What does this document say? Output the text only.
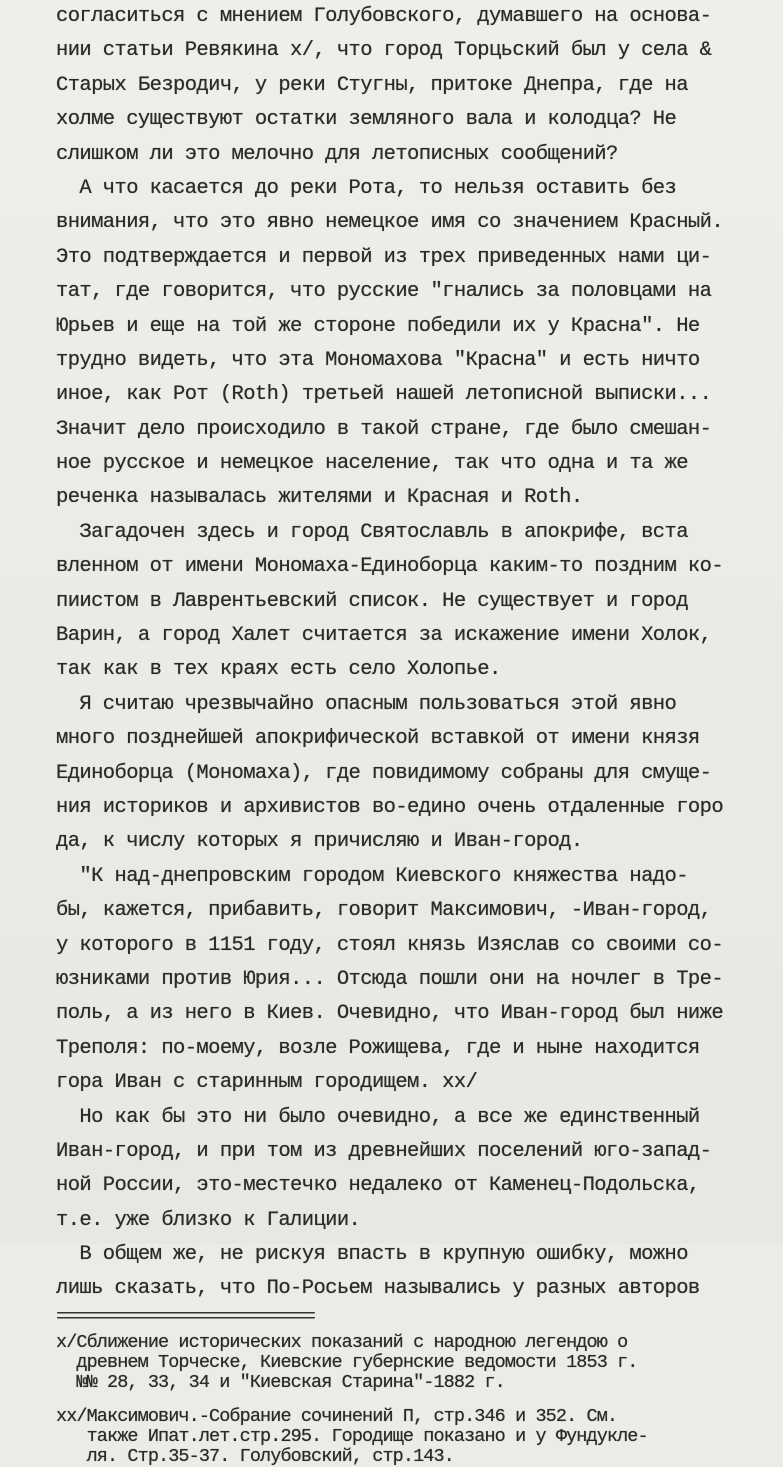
согласиться с мнением Голубовского, думавшего на основа-
нии статьи Ревякина x/, что город Торцьский был у села &
Старых Безродич, у реки Стугны, притоке Днепра, где на
холме существуют остатки земляного вала и колодца? Не
слишком ли это мелочно для летописных сообщений?
А что касается до реки Рота, то нельзя оставить без
внимания, что это явно немецкое имя со значением Красный.
Это подтверждается и первой из трех приведенных нами ци-
тат, где говорится, что русские "гнались за половцами на
Юрьев и еще на той же стороне победили их у Красна". Не
трудно видеть, что эта Мономахова "Красна" и есть ничто
иное, как Рот (Roth) третьей нашей летописной выписки...
Значит дело происходило в такой стране, где было смешан-
ное русское и немецкое население, так что одна и та же
реченка называлась жителями и Красная и Roth.
Загадочен здесь и город Святославль в апокрифе, вста
вленном от имени Мономаха-Единоборца каким-то поздним ко-
пиистом в Лаврентьевский список. Не существует и город
Варин, а город Халет считается за искажение имени Холок,
так как в тех краях есть село Холопье.
Я считаю чрезвычайно опасным пользоваться этой явно
много позднейшей апокрифической вставкой от имени князя
Единоборца (Мономаха), где повидимому собраны для смуще-
ния историков и архивистов во-едино очень отдаленные горо
да, к числу которых я причисляю и Иван-город.
"К над-днепровским городом Киевского княжества надо-
бы, кажется, прибавить, говорит Максимович, -Иван-город,
у которого в 1151 году, стоял князь Изяслав со своими со-
юзниками против Юрия... Отсюда пошли они на ночлег в Тре-
поль, а из него в Киев. Очевидно, что Иван-город был ниже
Треполя: по-моему, возле Рожищева, где и ныне находится
гора Иван с старинным городищем. xx/
Но как бы это ни было очевидно, а все же единственный
Иван-город, и при том из древнейших поселений юго-запад-
ной России, это-местечко недалеко от Каменец-Подольска,
т.е. уже близко к Галиции.
В общем же, не рискуя впасть в крупную ошибку, можно
лишь сказать, что По-Росьем назывались у разных авторов
================================
x/Сближение исторических показаний с народною легендою о
древнем Торческе, Киевские губернские ведомости 1853 г.
№№ 28, 33, 34 и "Киевская Старина"-1882 г.
xx/Максимович.-Собрание сочинений П, стр.346 и 352. См.
также Ипат.лет.стр.295. Городище показано и у Фундукле-
ля. Стр.35-37. Голубовский, стр.143.
